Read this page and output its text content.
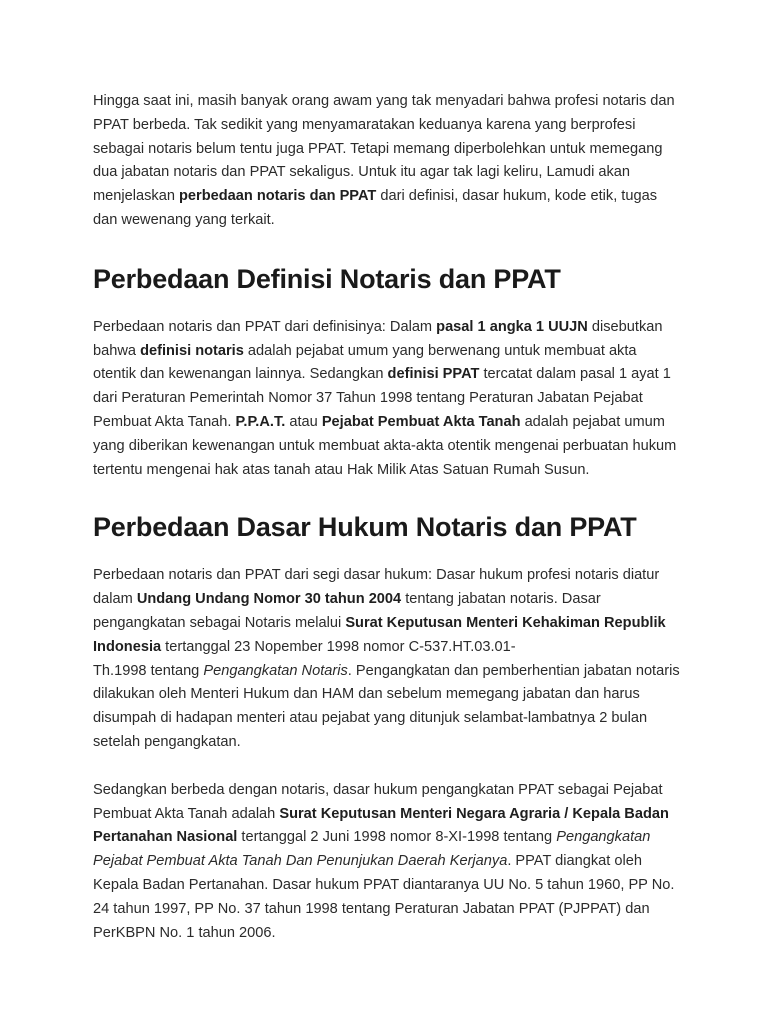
Hingga saat ini, masih banyak orang awam yang tak menyadari bahwa profesi notaris dan PPAT berbeda. Tak sedikit yang menyamaratakan keduanya karena yang berprofesi sebagai notaris belum tentu juga PPAT. Tetapi memang diperbolehkan untuk memegang dua jabatan notaris dan PPAT sekaligus. Untuk itu agar tak lagi keliru, Lamudi akan menjelaskan perbedaan notaris dan PPAT dari definisi, dasar hukum, kode etik, tugas dan wewenang yang terkait.

Perbedaan Definisi Notaris dan PPAT

Perbedaan notaris dan PPAT dari definisinya: Dalam pasal 1 angka 1 UUJN disebutkan bahwa definisi notaris adalah pejabat umum yang berwenang untuk membuat akta otentik dan kewenangan lainnya. Sedangkan definisi PPAT tercatat dalam pasal 1 ayat 1 dari Peraturan Pemerintah Nomor 37 Tahun 1998 tentang Peraturan Jabatan Pejabat Pembuat Akta Tanah. P.P.A.T. atau Pejabat Pembuat Akta Tanah adalah pejabat umum yang diberikan kewenangan untuk membuat akta-akta otentik mengenai perbuatan hukum tertentu mengenai hak atas tanah atau Hak Milik Atas Satuan Rumah Susun.

Perbedaan Dasar Hukum Notaris dan PPAT

Perbedaan notaris dan PPAT dari segi dasar hukum: Dasar hukum profesi notaris diatur dalam Undang Undang Nomor 30 tahun 2004 tentang jabatan notaris. Dasar pengangkatan sebagai Notaris melalui Surat Keputusan Menteri Kehakiman Republik Indonesia tertanggal 23 Nopember 1998 nomor C-537.HT.03.01-
Th.1998 tentang Pengangkatan Notaris. Pengangkatan dan pemberhentian jabatan notaris dilakukan oleh Menteri Hukum dan HAM dan sebelum memegang jabatan dan harus disumpah di hadapan menteri atau pejabat yang ditunjuk selambat-lambatnya 2 bulan setelah pengangkatan.

Sedangkan berbeda dengan notaris, dasar hukum pengangkatan PPAT sebagai Pejabat Pembuat Akta Tanah adalah Surat Keputusan Menteri Negara Agraria / Kepala Badan Pertanahan Nasional tertanggal 2 Juni 1998 nomor 8-XI-1998 tentang Pengangkatan Pejabat Pembuat Akta Tanah Dan Penunjukan Daerah Kerjanya. PPAT diangkat oleh Kepala Badan Pertanahan. Dasar hukum PPAT diantaranya UU No. 5 tahun 1960, PP No. 24 tahun 1997, PP No. 37 tahun 1998 tentang Peraturan Jabatan PPAT (PJPPAT) dan PerKBPN No. 1 tahun 2006.
